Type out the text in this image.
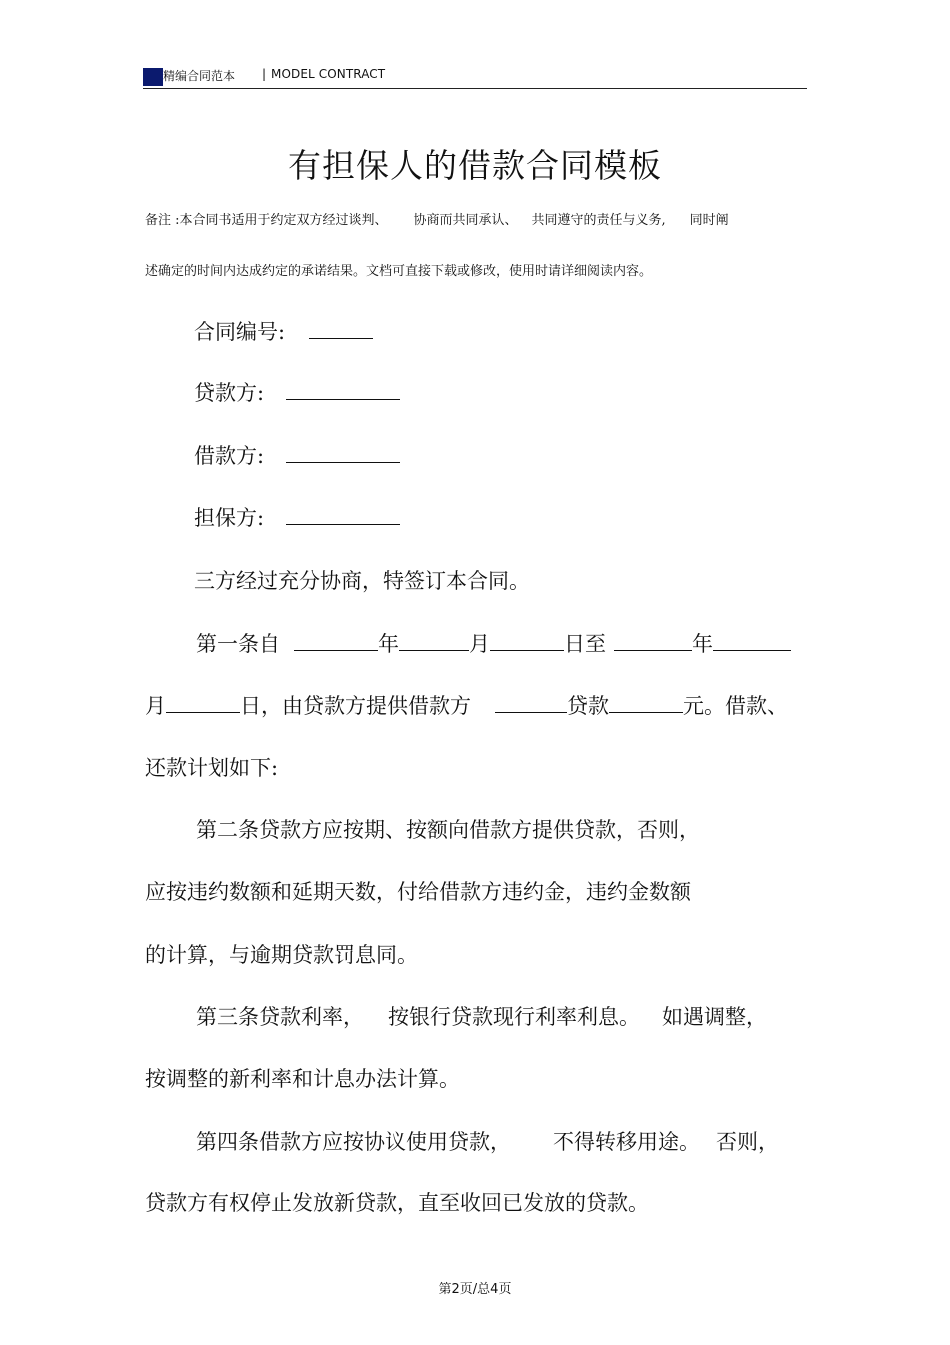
精编合同范本 | MODEL CONTRACT
有担保人的借款合同模板
备注 :本合同书适用于约定双方经过谈判、 协商而共同承认、 共同遵守的责任与义务, 同时阐
述确定的时间内达成约定的承诺结果。文档可直接下载或修改，使用时请详细阅读内容。
合同编号:
贷款方:
借款方:
担保方:
三方经过充分协商，特签订本合同。
第一条自	年	月	日至	年
月	日，由贷款方提供借款方	贷款	元。借款、
还款计划如下:
第二条贷款方应按期、按额向借款方提供贷款，否则，
应按违约数额和延期天数，付给借款方违约金，违约金数额
的计算，与逾期贷款罚息同。
第三条贷款利率， 按银行贷款现行利率利息。 如遇调整，
按调整的新利率和计息办法计算。
第四条借款方应按协议使用贷款， 不得转移用途。 否则，
贷款方有权停止发放新贷款，直至收回已发放的贷款。
第2页/总4页
